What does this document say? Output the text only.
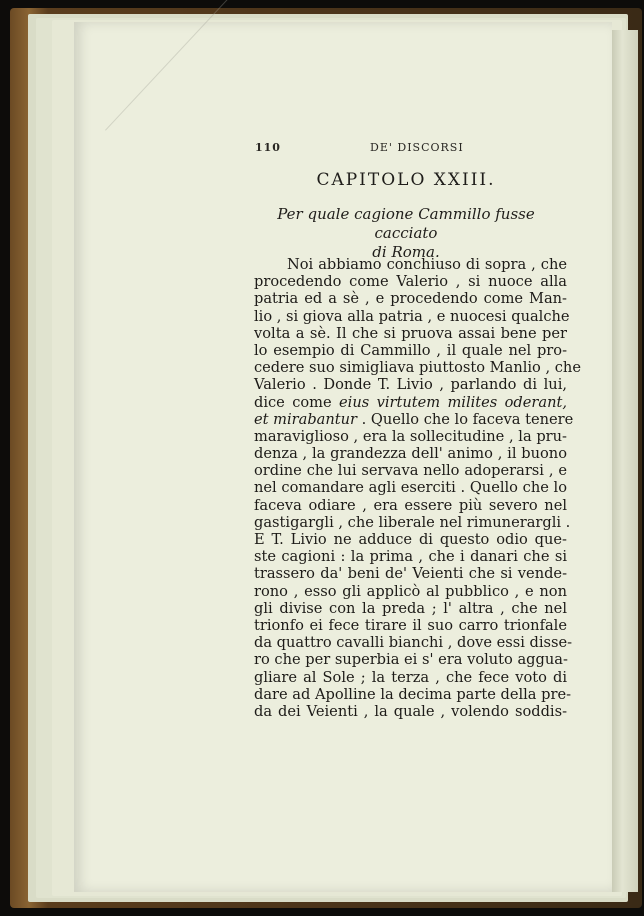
110	DE' DISCORSI
CAPITOLO XXIII.
Per quale cagione Cammillo fusse cacciato
di Roma.
Noi abbiamo conchiuso di sopra , che
procedendo come Valerio , si nuoce alla
patria ed a sè , e procedendo come Man-
lio , si giova alla patria , e nuocesi qualche
volta a sè. Il che si pruova assai bene per
lo esempio di Cammillo , il quale nel pro-
cedere suo simigliava piuttosto Manlio , che
Valerio . Donde T. Livio , parlando di lui,
dice come eius virtutem milites oderant,
et mirabantur . Quello che lo faceva tenere
maraviglioso , era la sollecitudine , la pru-
denza , la grandezza dell' animo , il buono
ordine che lui servava nello adoperarsi , e
nel comandare agli eserciti . Quello che lo
faceva odiare , era essere più severo nel
gastigargli , che liberale nel rimunerargli .
E T. Livio ne adduce di questo odio que-
ste cagioni : la prima , che i danari che si
trassero da' beni de' Veienti che si vende-
rono , esso gli applicò al pubblico , e non
gli divise con la preda ; l' altra , che nel
trionfo ei fece tirare il suo carro trionfale
da quattro cavalli bianchi , dove essi disse-
ro che per superbia ei s' era voluto aggua-
gliare al Sole ; la terza , che fece voto di
dare ad Apolline la decima parte della pre-
da dei Veienti , la quale , volendo soddis-
